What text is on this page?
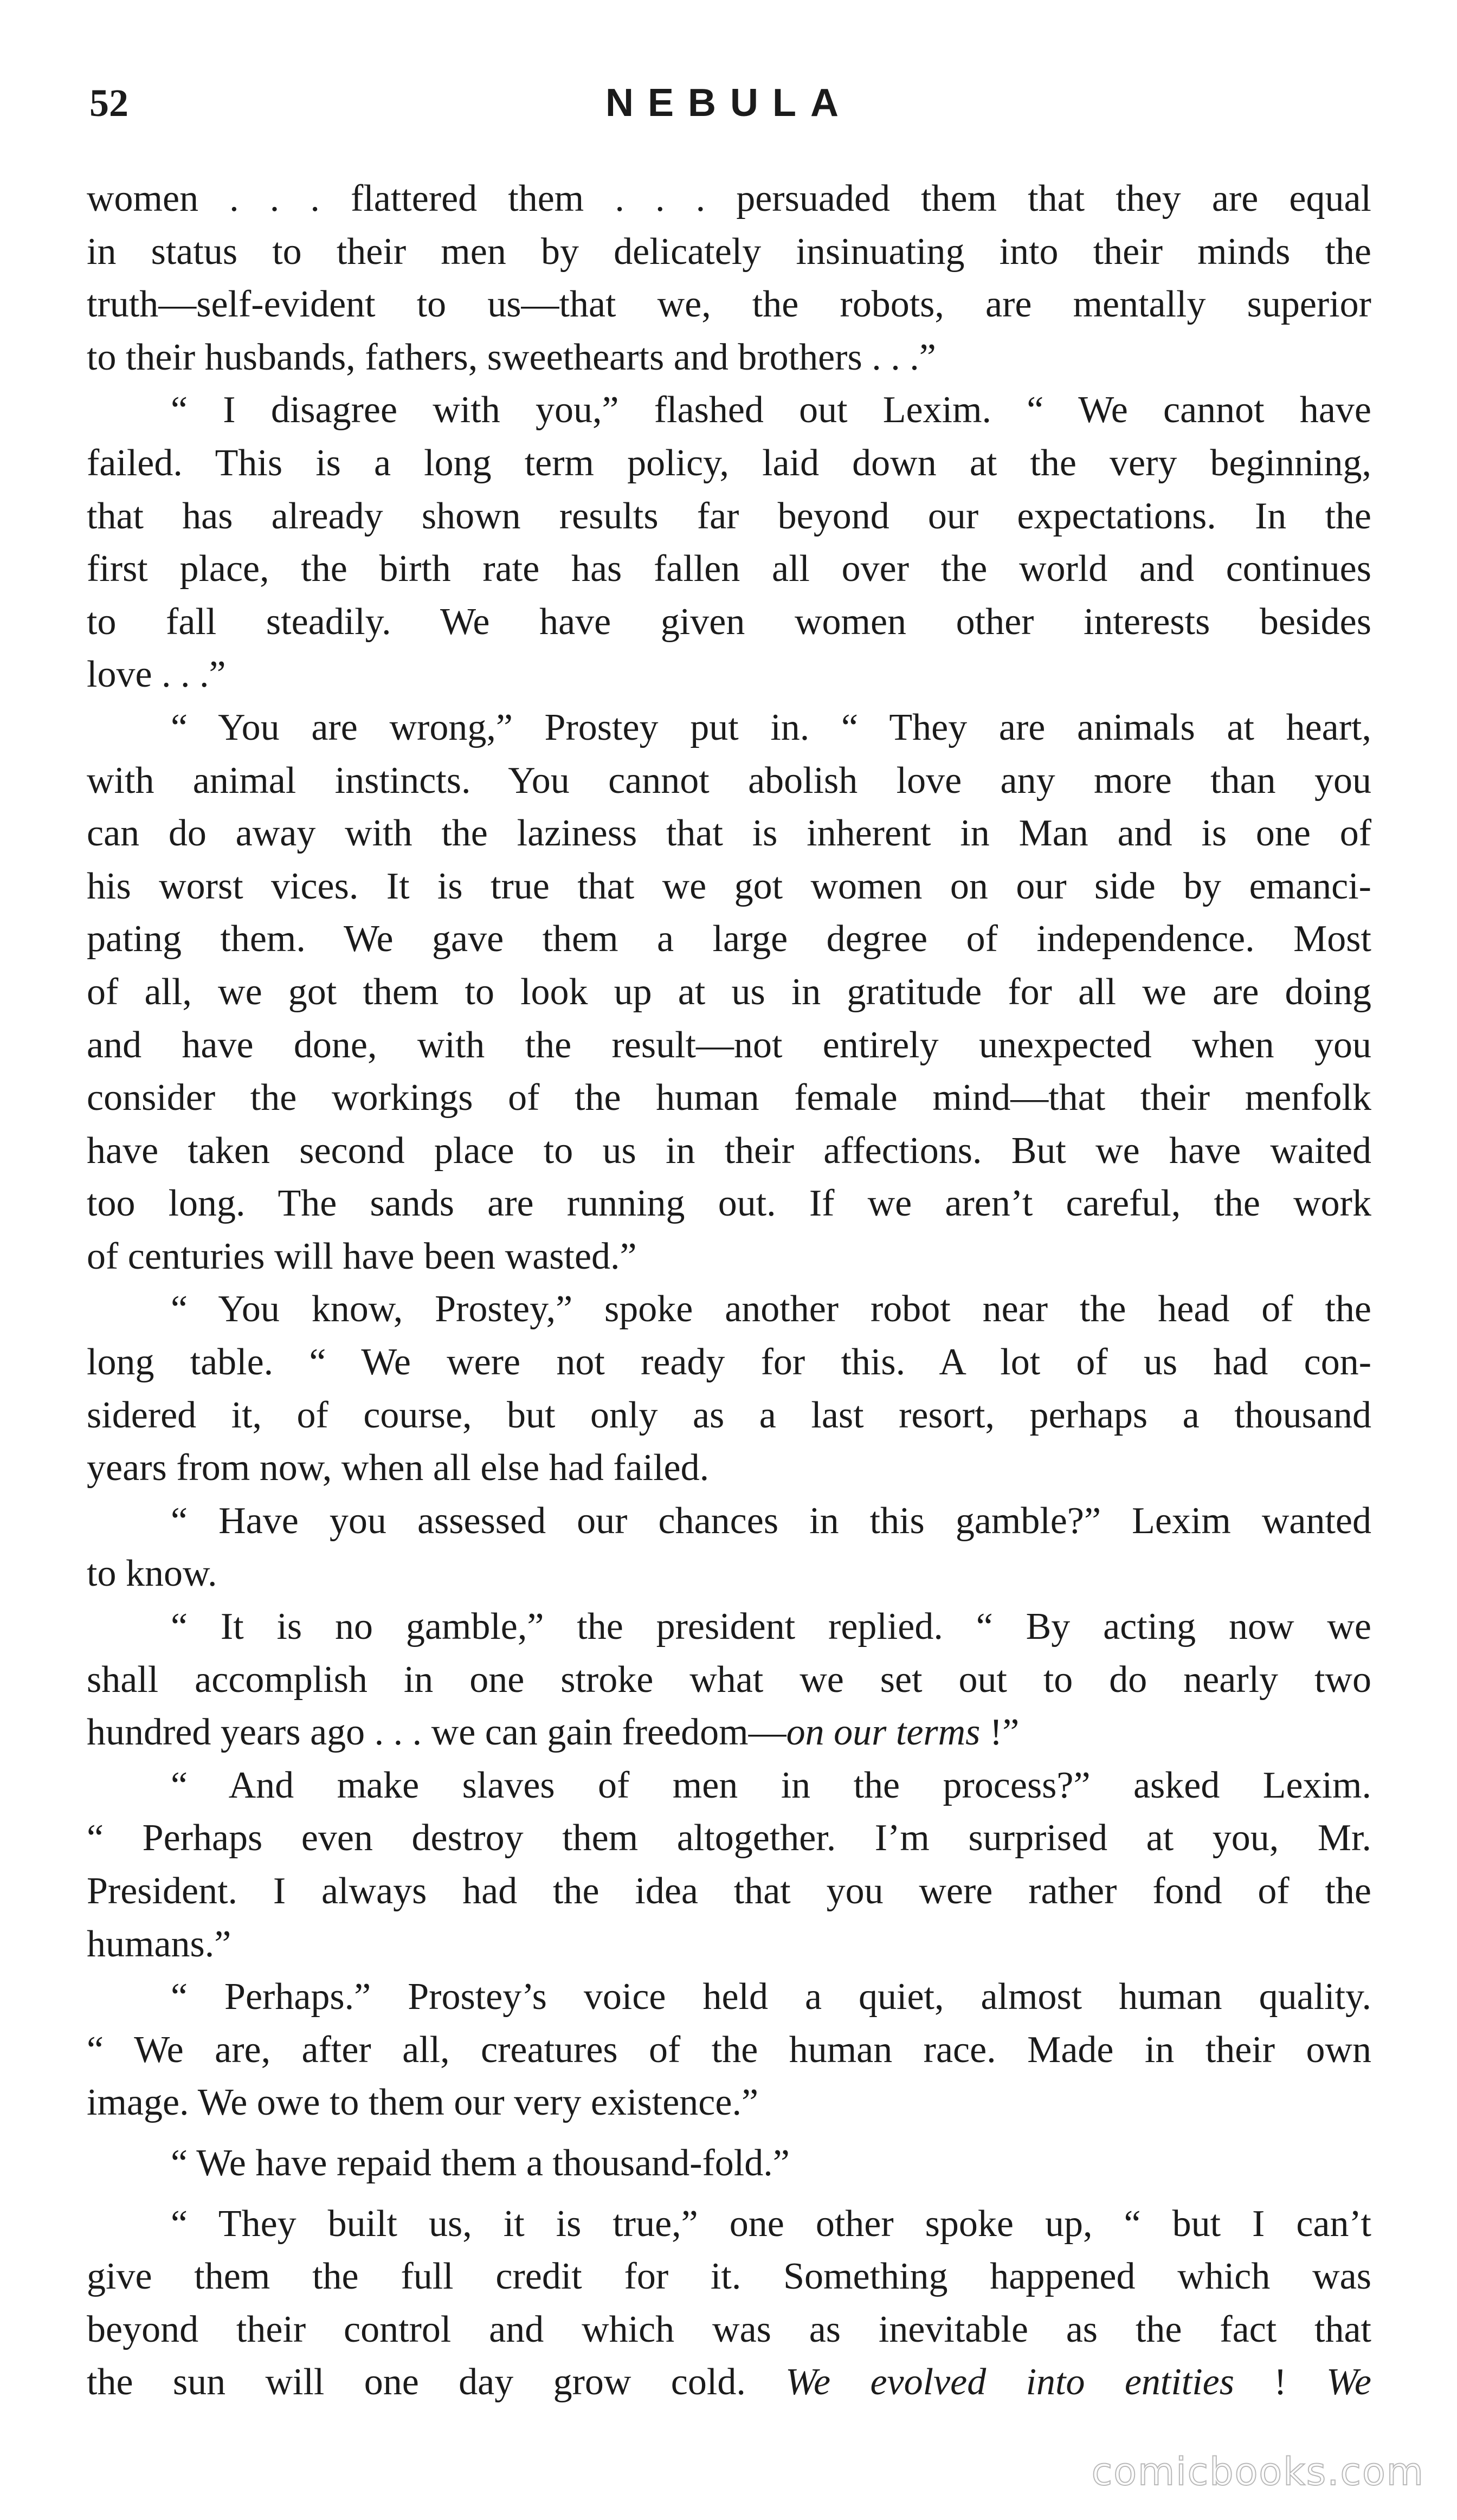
52	NEBULA
women . . . flattered them . . . persuaded them that they are equal
in status to their men by delicately insinuating into their minds the
truth—self-evident to us—that we, the robots, are mentally superior
to their husbands, fathers, sweethearts and brothers . . .”
“ I disagree with you,” flashed out Lexim. “ We cannot have
failed. This is a long term policy, laid down at the very beginning,
that has already shown results far beyond our expectations. In the
first place, the birth rate has fallen all over the world and continues
to fall steadily. We have given women other interests besides
love . . .”
“ You are wrong,” Prostey put in. “ They are animals at heart,
with animal instincts. You cannot abolish love any more than you
can do away with the laziness that is inherent in Man and is one of
his worst vices. It is true that we got women on our side by emanci-
pating them. We gave them a large degree of independence. Most
of all, we got them to look up at us in gratitude for all we are doing
and have done, with the result—not entirely unexpected when you
consider the workings of the human female mind—that their menfolk
have taken second place to us in their affections. But we have waited
too long. The sands are running out. If we aren’t careful, the work
of centuries will have been wasted.”
“ You know, Prostey,” spoke another robot near the head of the
long table. “ We were not ready for this. A lot of us had con-
sidered it, of course, but only as a last resort, perhaps a thousand
years from now, when all else had failed.
“ Have you assessed our chances in this gamble?” Lexim wanted
to know.
“ It is no gamble,” the president replied. “ By acting now we
shall accomplish in one stroke what we set out to do nearly two
hundred years ago . . . we can gain freedom—on our terms !”
“ And make slaves of men in the process?” asked Lexim.
“ Perhaps even destroy them altogether. I’m surprised at you, Mr.
President. I always had the idea that you were rather fond of the
humans.”
“ Perhaps.” Prostey’s voice held a quiet, almost human quality.
“ We are, after all, creatures of the human race. Made in their own
image. We owe to them our very existence.”
“ We have repaid them a thousand-fold.”
“ They built us, it is true,” one other spoke up, “ but I can’t
give them the full credit for it. Something happened which was
beyond their control and which was as inevitable as the fact that
the sun will one day grow cold. We evolved into entities ! We
comicbooks.com
